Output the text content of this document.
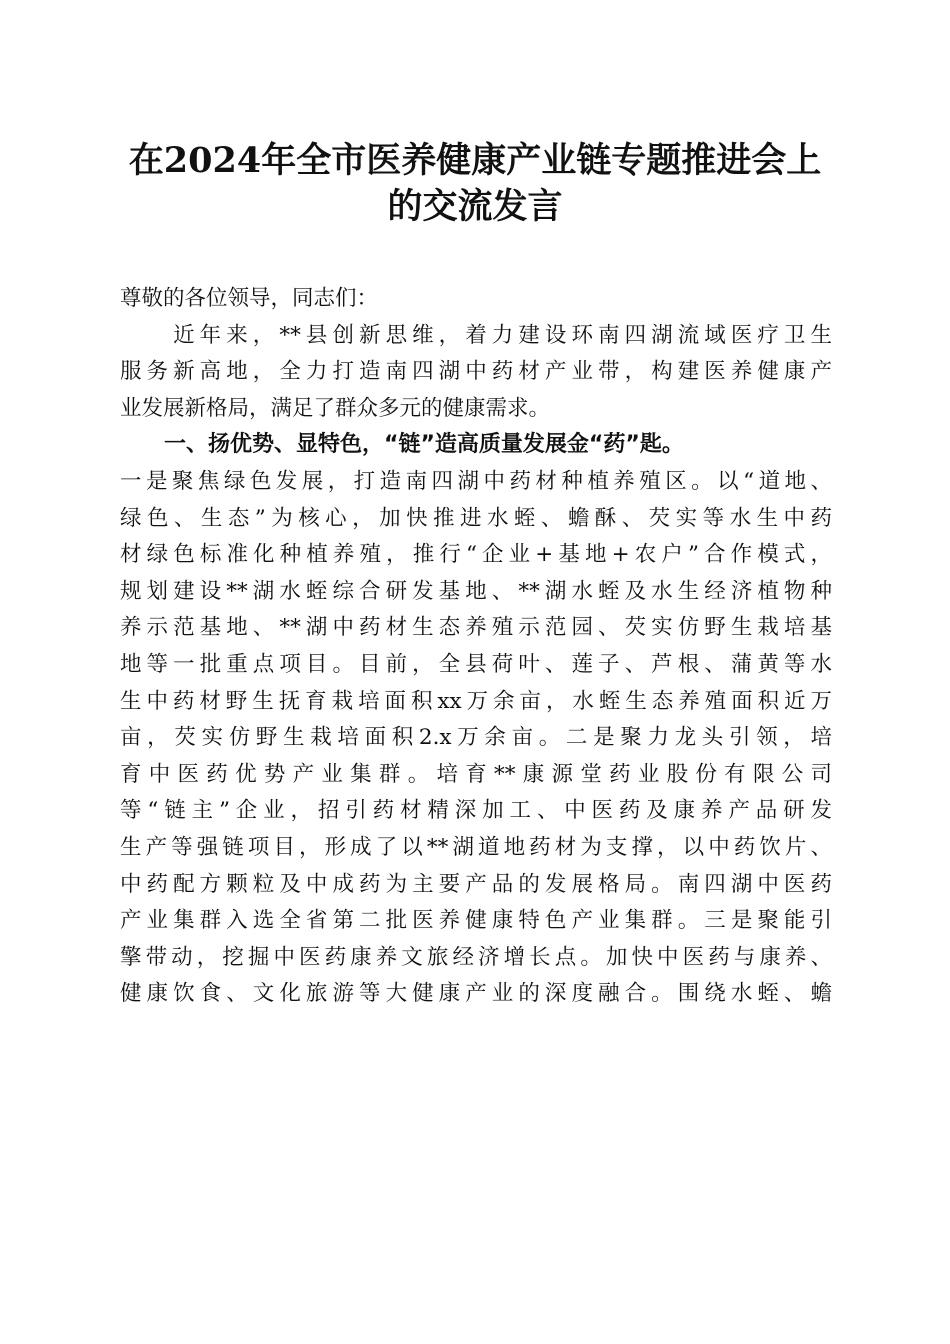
在2024年全市医养健康产业链专题推进会上
的交流发言
尊敬的各位领导，同志们：
　　近年来，**县创新思维，着力建设环南四湖流域医疗卫生
服务新高地，全力打造南四湖中药材产业带，构建医养健康产
业发展新格局，满足了群众多元的健康需求。
　　一、扬优势、显特色，“链”造高质量发展金“药”匙。
一是聚焦绿色发展，打造南四湖中药材种植养殖区。以“道地、
绿色、生态”为核心，加快推进水蛭、蟾酥、芡实等水生中药
材绿色标准化种植养殖，推行“企业+基地+农户”合作模式，
规划建设**湖水蛭综合研发基地、**湖水蛭及水生经济植物种
养示范基地、**湖中药材生态养殖示范园、芡实仿野生栽培基
地等一批重点项目。目前，全县荷叶、莲子、芦根、蒲黄等水
生中药材野生抚育栽培面积xx万余亩，水蛭生态养殖面积近万
亩，芡实仿野生栽培面积2.x万余亩。二是聚力龙头引领，培
育中医药优势产业集群。培育**康源堂药业股份有限公司
等“链主”企业，招引药材精深加工、中医药及康养产品研发
生产等强链项目，形成了以**湖道地药材为支撑，以中药饮片、
中药配方颗粒及中成药为主要产品的发展格局。南四湖中医药
产业集群入选全省第二批医养健康特色产业集群。三是聚能引
擎带动，挖掘中医药康养文旅经济增长点。加快中医药与康养、
健康饮食、文化旅游等大健康产业的深度融合。围绕水蛭、蟾
